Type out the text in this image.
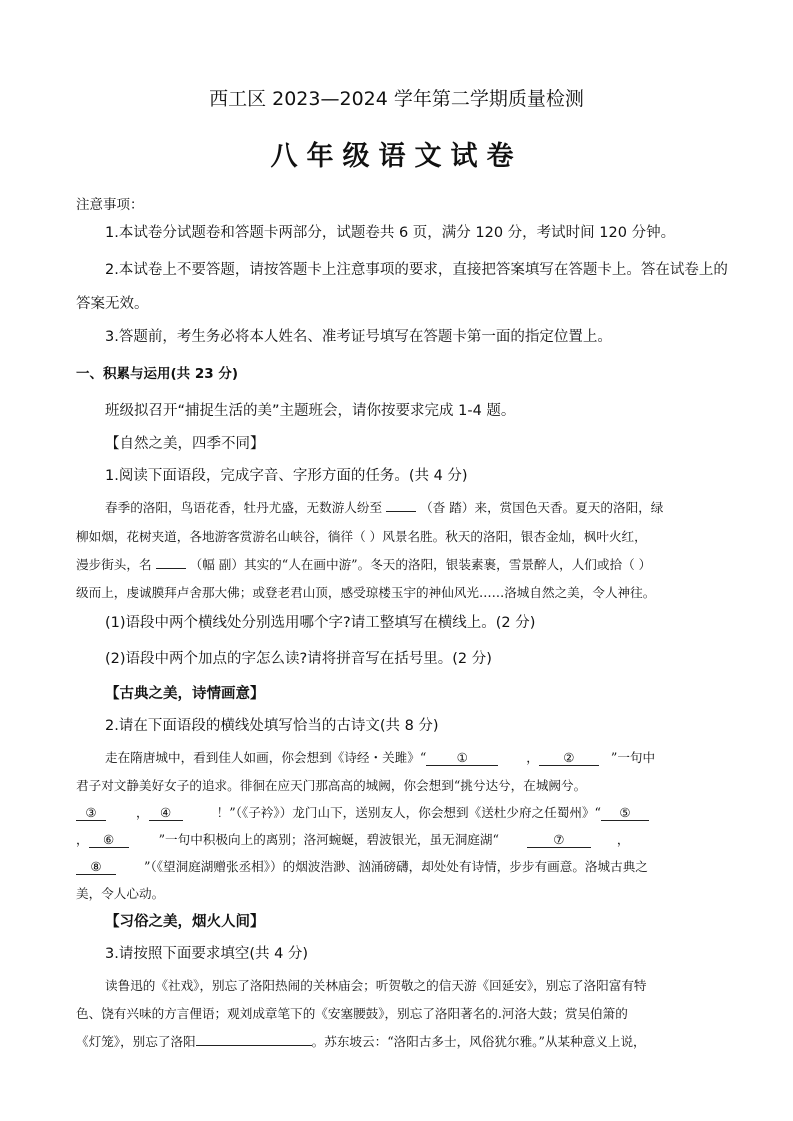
西工区 2023—2024 学年第二学期质量检测
八年级语文试卷
注意事项：
1.本试卷分试题卷和答题卡两部分，试题卷共 6 页，满分 120 分，考试时间 120 分钟。
2.本试卷上不要答题，请按答题卡上注意事项的要求，直接把答案填写在答题卡上。答在试卷上的
答案无效。
3.答题前，考生务必将本人姓名、准考证号填写在答题卡第一面的指定位置上。
一、积累与运用(共 23 分)
班级拟召开“捕捉生活的美”主题班会，请你按要求完成 1-4 题。
【自然之美，四季不同】
1.阅读下面语段，完成字音、字形方面的任务。(共 4 分)
春季的洛阳，鸟语花香，牡丹尤盛，无数游人纷至	（沓 踏）来，赏国色天香。夏天的洛阳，绿
柳如烟，花树夹道，各地游客赏游名山峡谷，徜徉（ ）风景名胜。秋天的洛阳，银杏金灿，枫叶火红，
漫步街头，名	（幅 副）其实的“人在画中游”。冬天的洛阳，银装素裹，雪景醉人，人们或拾（ ）
级而上，虔诚膜拜卢舍那大佛；或登老君山顶，感受琼楼玉宇的神仙风光……洛城自然之美，令人神往。
(1)语段中两个横线处分别选用哪个字?请工整填写在横线上。(2 分)
(2)语段中两个加点的字怎么读?请将拼音写在括号里。(2 分)
【古典之美，诗情画意】
2.请在下面语段的横线处填写恰当的古诗文(共 8 分)
走在隋唐城中，看到佳人如画，你会想到《诗经・关雎》“ ①	， ②	”一句中
君子对文静美好女子的追求。徘徊在应天门那高高的城阙，你会想到“挑兮达兮，在城阙兮。
③	， ④	！”（《子衿》）龙门山下，送别友人，你会想到《送杜少府之任蜀州》“ ⑤
， ⑥	”一句中积极向上的离别；洛河蜿蜒，碧波银光，虽无洞庭湖“	⑦	，
⑧	”（《望洞庭湖赠张丞相》）的烟波浩渺、汹涌磅礴，却处处有诗情，步步有画意。洛城古典之
美，令人心动。
【习俗之美，烟火人间】
3.请按照下面要求填空(共 4 分)
读鲁迅的《社戏》，别忘了洛阳热闹的关林庙会；听贺敬之的信天游《回延安》，别忘了洛阳富有特
色、饶有兴味的方言俚语；观刘成章笔下的《安塞腰鼓》，别忘了洛阳著名的.河洛大鼓；赏吴伯箫的
《灯笼》，别忘了洛阳	。苏东坡云：“洛阳古多士，风俗犹尔雅。”从某种意义上说，
